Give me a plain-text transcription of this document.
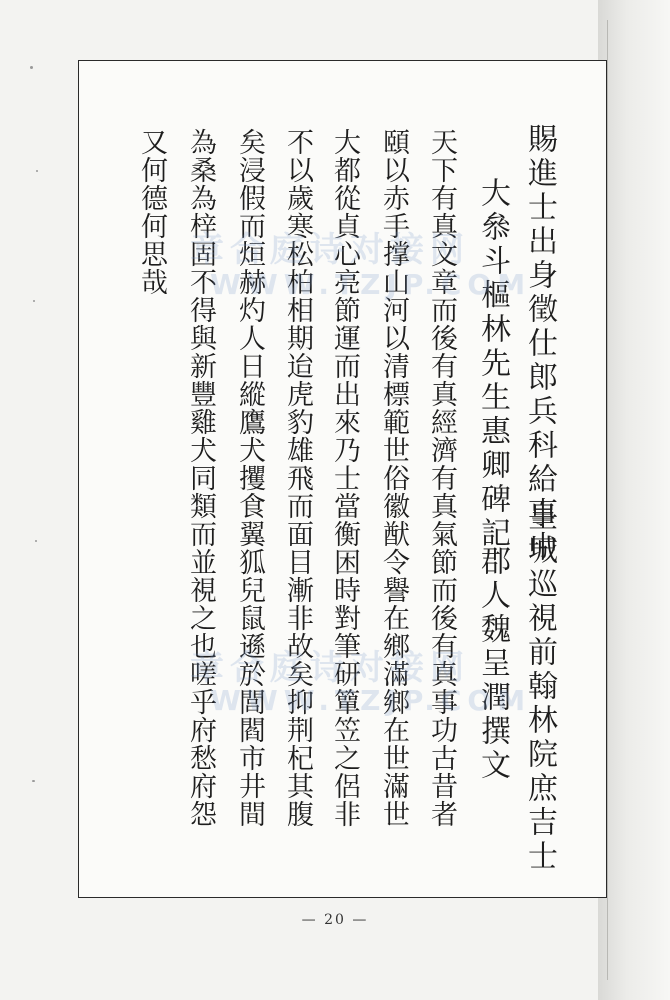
賜進士出身徵仕郎兵科給事中
皇城巡視前翰林院庶吉士
大叅斗樞林先生惠卿碑記
郡人魏呈潤撰文
天下有真文章而後有真經濟有真氣節而後有真事功古昔者
頤以赤手撑山河以清標範世俗徽猷令譽在鄉滿鄉在世滿世
大都從貞心亮節運而出來乃士當衡困時對筆研簞笠之侶非
不以歲寒松柏相期迨虎豹雄飛而面目漸非故矣抑荆杞其腹
矣浸假而烜赫灼人日縱鷹犬攫食翼狐兒鼠遜於閭閻市井間
為桑為梓固不得與新豐雞犬同類而並視之也嗟乎府愁府怨
又何德何思哉 章合庭诗对接网
WWW.TZJP.COM
章合庭诗对接网
WWW.TZJP.COM
— 20 —
